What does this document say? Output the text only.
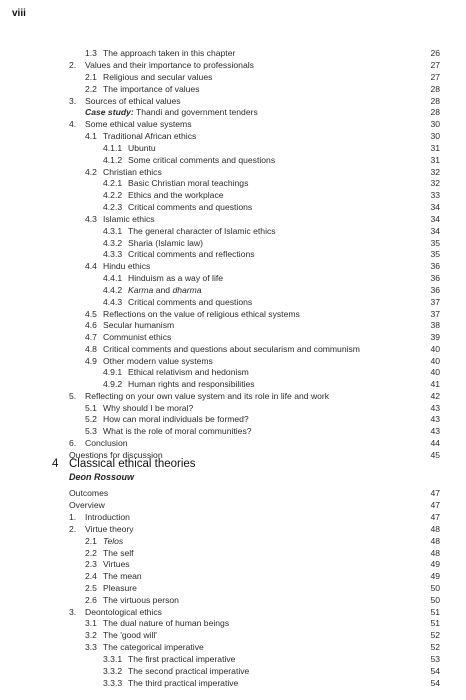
viii
1.3 The approach taken in this chapter	26
2. Values and their importance to professionals	27
2.1 Religious and secular values	27
2.2 The importance of values	28
3. Sources of ethical values	28
Case study: Thandi and government tenders	28
4. Some ethical value systems	30
4.1 Traditional African ethics	30
4.1.1 Ubuntu	31
4.1.2 Some critical comments and questions	31
4.2 Christian ethics	32
4.2.1 Basic Christian moral teachings	32
4.2.2 Ethics and the workplace	33
4.2.3 Critical comments and questions	34
4.3 Islamic ethics	34
4.3.1 The general character of Islamic ethics	34
4.3.2 Sharia (Islamic law)	35
4.3.3 Critical comments and reflections	35
4.4 Hindu ethics	36
4.4.1 Hinduism as a way of life	36
4.4.2 Karma and dharma	36
4.4.3 Critical comments and questions	37
4.5 Reflections on the value of religious ethical systems	37
4.6 Secular humanism	38
4.7 Communist ethics	39
4.8 Critical comments and questions about secularism and communism	40
4.9 Other modern value systems	40
4.9.1 Ethical relativism and hedonism	40
4.9.2 Human rights and responsibilities	41
5. Reflecting on your own value system and its role in life and work	42
5.1 Why should I be moral?	43
5.2 How can moral individuals be formed?	43
5.3 What is the role of moral communities?	43
6. Conclusion	44
Questions for discussion	45
4 Classical ethical theories
Deon Rossouw
Outcomes	47
Overview	47
1. Introduction	47
2. Virtue theory	48
2.1 Telos	48
2.2 The self	48
2.3 Virtues	49
2.4 The mean	49
2.5 Pleasure	50
2.6 The virtuous person	50
3. Deontological ethics	51
3.1 The dual nature of human beings	51
3.2 The 'good will'	52
3.3 The categorical imperative	52
3.3.1 The first practical imperative	53
3.3.2 The second practical imperative	54
3.3.3 The third practical imperative	54
